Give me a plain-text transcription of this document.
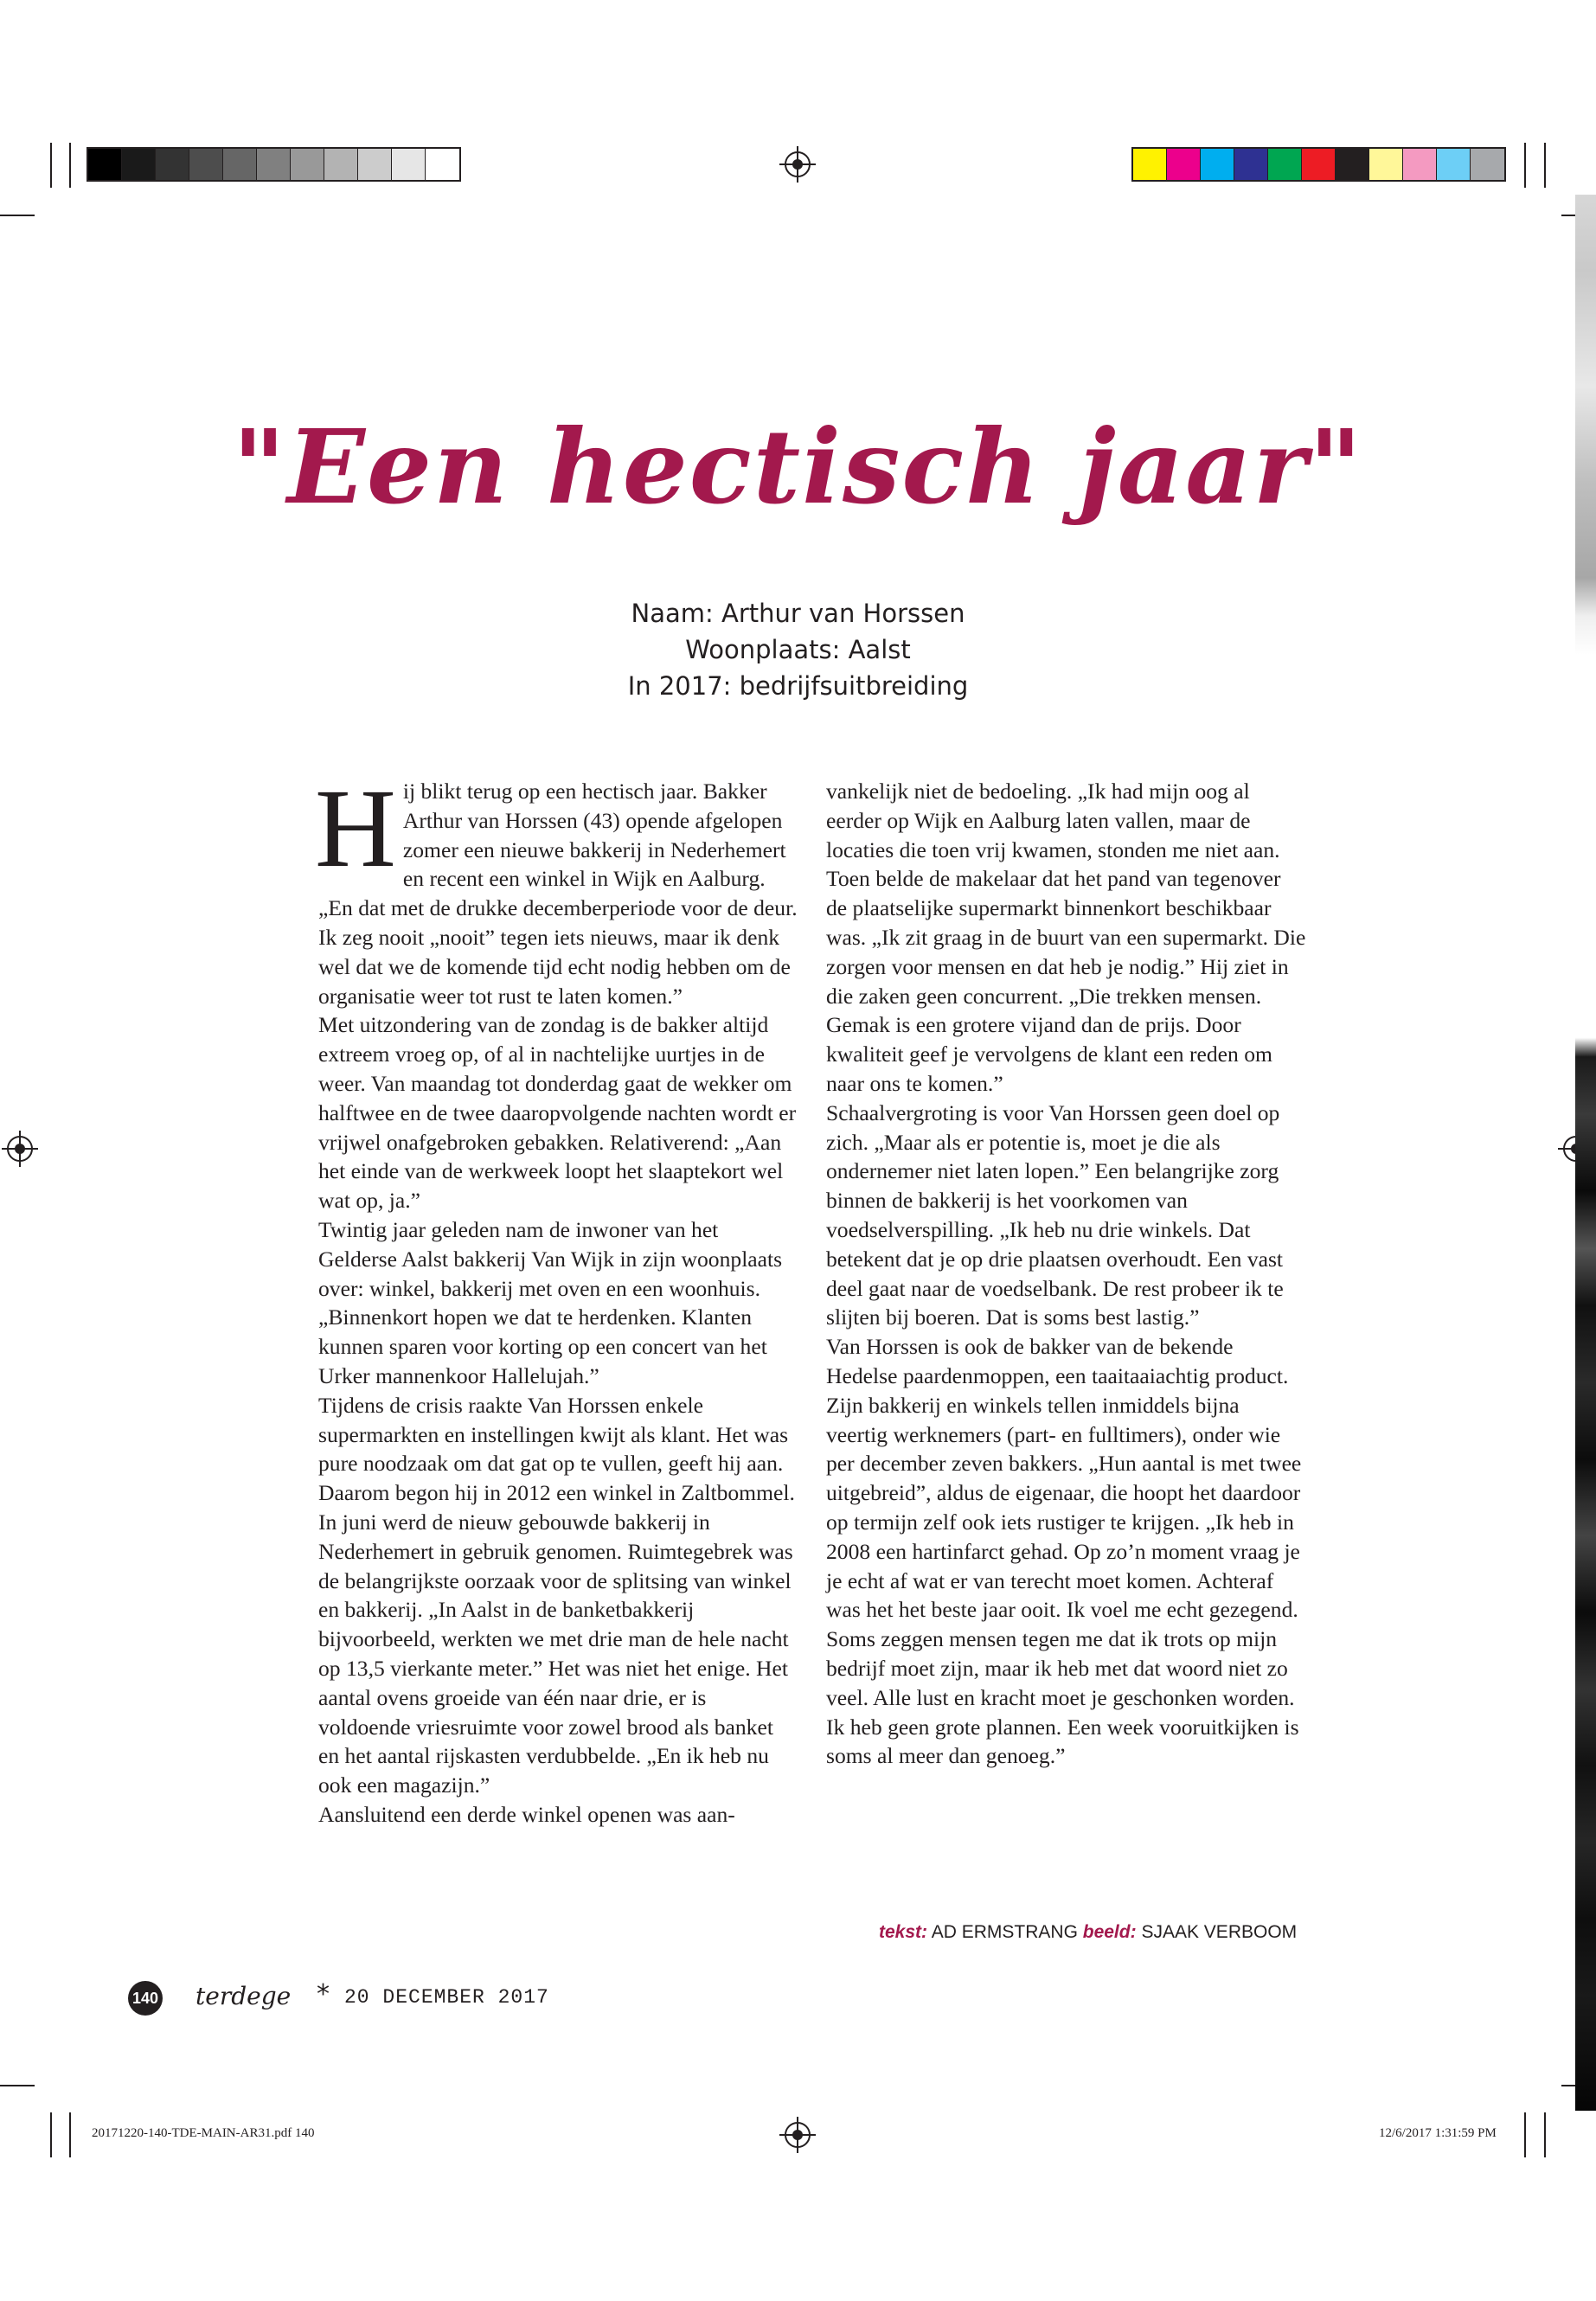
"Een hectisch jaar"
Naam: Arthur van Horssen
Woonplaats: Aalst
In 2017: bedrijfsuitbreiding

Hij blikt terug op een hectisch jaar. Bakker Arthur van Horssen (43) opende afgelopen zomer een nieuwe bakkerij in Nederhemert en recent een winkel in Wijk en Aalburg. „En dat met de drukke decemberperiode voor de deur. Ik zeg nooit „nooit” tegen iets nieuws, maar ik denk wel dat we de komende tijd echt nodig hebben om de organisatie weer tot rust te laten komen.”

Met uitzondering van de zondag is de bakker altijd extreem vroeg op, of al in nachtelijke uurtjes in de weer. Van maandag tot donderdag gaat de wekker om halftwee en de twee daaropvolgende nachten wordt er vrijwel onafgebroken gebakken. Relativerend: „Aan het einde van de werkweek loopt het slaaptekort wel wat op, ja.”

Twintig jaar geleden nam de inwoner van het Gelderse Aalst bakkerij Van Wijk in zijn woonplaats over: winkel, bakkerij met oven en een woonhuis. „Binnenkort hopen we dat te herdenken. Klanten kunnen sparen voor korting op een concert van het Urker mannenkoor Hallelujah.”

Tijdens de crisis raakte Van Horssen enkele supermarkten en instellingen kwijt als klant. Het was pure noodzaak om dat gat op te vullen, geeft hij aan. Daarom begon hij in 2012 een winkel in Zaltbommel. In juni werd de nieuw gebouwde bakkerij in Nederhemert in gebruik genomen. Ruimtegebrek was de belangrijkste oorzaak voor de splitsing van winkel en bakkerij. „In Aalst in de banketbakkerij bijvoorbeeld, werkten we met drie man de hele nacht op 13,5 vierkante meter.” Het was niet het enige. Het aantal ovens groeide van één naar drie, er is voldoende vriesruimte voor zowel brood als banket en het aantal rijskasten verdubbelde. „En ik heb nu ook een magazijn.”

Aansluitend een derde winkel openen was aan-

vankelijk niet de bedoeling. „Ik had mijn oog al eerder op Wijk en Aalburg laten vallen, maar de locaties die toen vrij kwamen, stonden me niet aan. Toen belde de makelaar dat het pand van tegenover de plaatselijke supermarkt binnenkort beschikbaar was. „Ik zit graag in de buurt van een supermarkt. Die zorgen voor mensen en dat heb je nodig.” Hij ziet in die zaken geen concurrent. „Die trekken mensen. Gemak is een grotere vijand dan de prijs. Door kwaliteit geef je vervolgens de klant een reden om naar ons te komen.”

Schaalvergroting is voor Van Horssen geen doel op zich. „Maar als er potentie is, moet je die als ondernemer niet laten lopen.” Een belangrijke zorg binnen de bakkerij is het voorkomen van voedselverspilling. „Ik heb nu drie winkels. Dat betekent dat je op drie plaatsen overhoudt. Een vast deel gaat naar de voedselbank. De rest probeer ik te slijten bij boeren. Dat is soms best lastig.”

Van Horssen is ook de bakker van de bekende Hedelse paardenmoppen, een taaitaaiachtig product. Zijn bakkerij en winkels tellen inmiddels bijna veertig werknemers (part- en fulltimers), onder wie per december zeven bakkers. „Hun aantal is met twee uitgebreid”, aldus de eigenaar, die hoopt het daardoor op termijn zelf ook iets rustiger te krijgen. „Ik heb in 2008 een hartinfarct gehad. Op zo’n moment vraag je je echt af wat er van terecht moet komen. Achteraf was het het beste jaar ooit. Ik voel me echt gezegend. Soms zeggen mensen tegen me dat ik trots op mijn bedrijf moet zijn, maar ik heb met dat woord niet zo veel. Alle lust en kracht moet je geschonken worden. Ik heb geen grote plannen. Een week vooruitkijken is soms al meer dan genoeg.”

tekst: AD ERMSTRANG beeld: SJAAK VERBOOM
140 terdege * 20 DECEMBER 2017
20171220-140-TDE-MAIN-AR31.pdf 140	12/6/2017 1:31:59 PM
